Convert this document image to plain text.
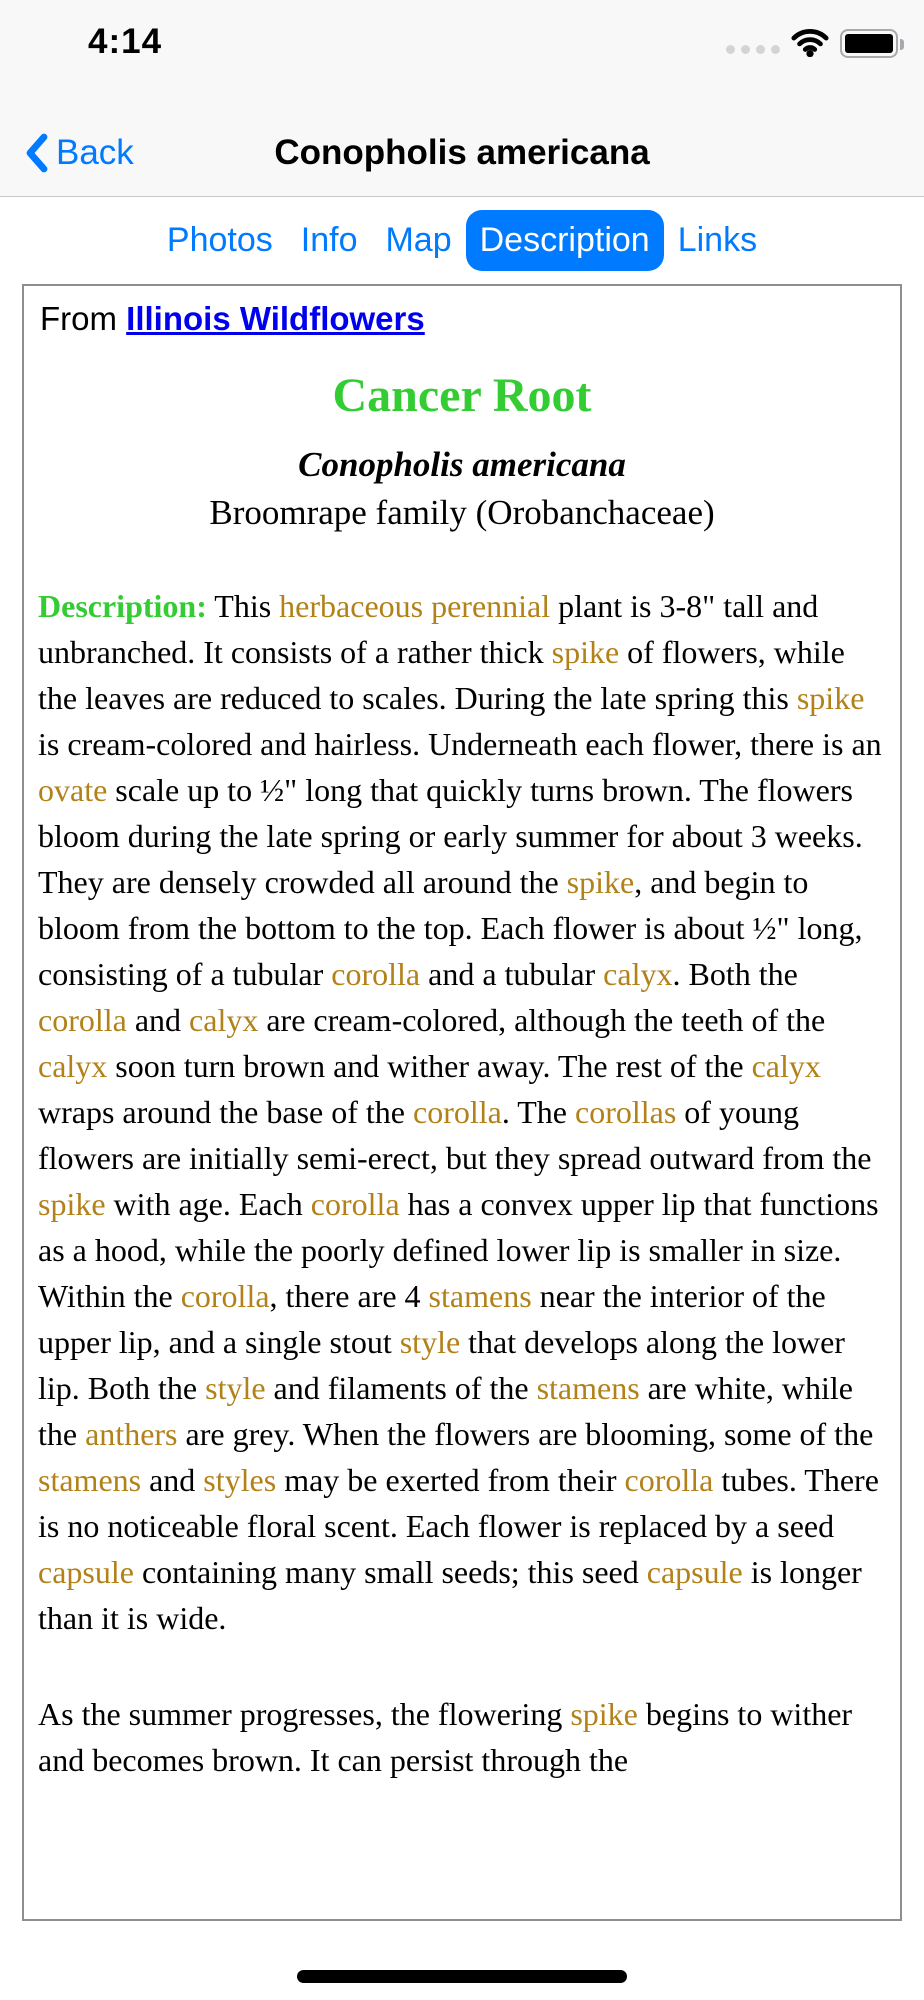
4:14
Back	Conopholis americana
Photos Info Map Description Links
From Illinois Wildflowers
Cancer Root
Conopholis americana
Broomrape family (Orobanchaceae)

Description: This herbaceous perennial plant is 3-8" tall and unbranched. It consists of a rather thick spike of flowers, while the leaves are reduced to scales. During the late spring this spike is cream-colored and hairless. Underneath each flower, there is an ovate scale up to ½" long that quickly turns brown. The flowers bloom during the late spring or early summer for about 3 weeks. They are densely crowded all around the spike, and begin to bloom from the bottom to the top. Each flower is about ½" long, consisting of a tubular corolla and a tubular calyx. Both the corolla and calyx are cream-colored, although the teeth of the calyx soon turn brown and wither away. The rest of the calyx wraps around the base of the corolla. The corollas of young flowers are initially semi-erect, but they spread outward from the spike with age. Each corolla has a convex upper lip that functions as a hood, while the poorly defined lower lip is smaller in size. Within the corolla, there are 4 stamens near the interior of the upper lip, and a single stout style that develops along the lower lip. Both the style and filaments of the stamens are white, while the anthers are grey. When the flowers are blooming, some of the stamens and styles may be exerted from their corolla tubes. There is no noticeable floral scent. Each flower is replaced by a seed capsule containing many small seeds; this seed capsule is longer than it is wide.

As the summer progresses, the flowering spike begins to wither and becomes brown. It can persist through the
